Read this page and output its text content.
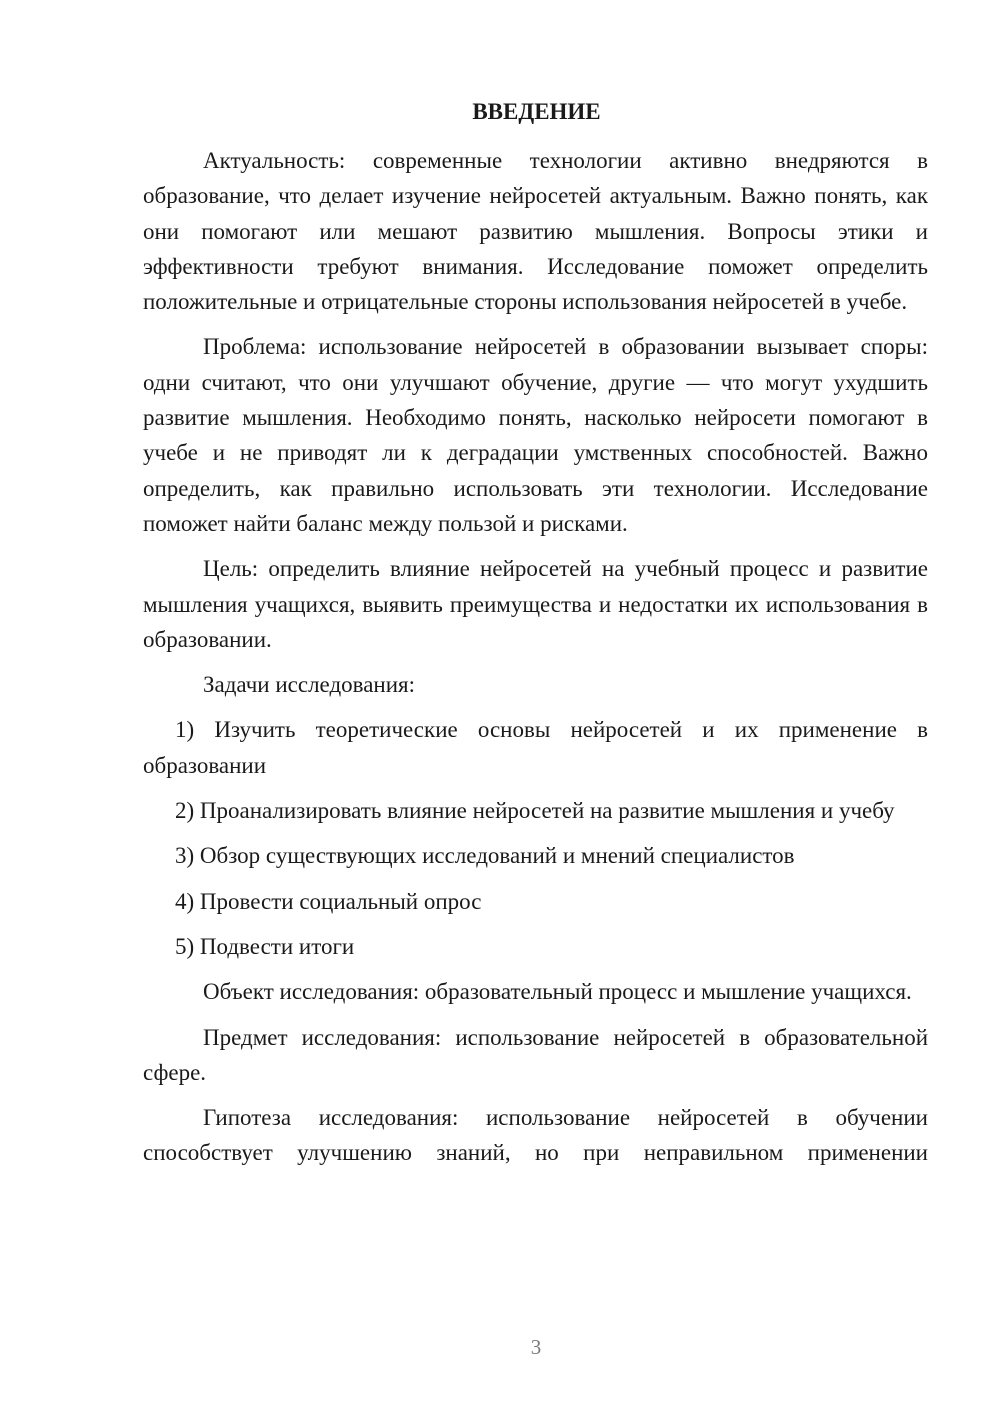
ВВЕДЕНИЕ

Актуальность: современные технологии активно внедряются в образование, что делает изучение нейросетей актуальным. Важно понять, как они помогают или мешают развитию мышления. Вопросы этики и эффективности требуют внимания. Исследование поможет определить положительные и отрицательные стороны использования нейросетей в учебе.

Проблема: использование нейросетей в образовании вызывает споры: одни считают, что они улучшают обучение, другие — что могут ухудшить развитие мышления. Необходимо понять, насколько нейросети помогают в учебе и не приводят ли к деградации умственных способностей. Важно определить, как правильно использовать эти технологии. Исследование поможет найти баланс между пользой и рисками.

Цель: определить влияние нейросетей на учебный процесс и развитие мышления учащихся, выявить преимущества и недостатки их использования в образовании.

Задачи исследования:

1) Изучить теоретические основы нейросетей и их применение в образовании

2) Проанализировать влияние нейросетей на развитие мышления и учебу

3) Обзор существующих исследований и мнений специалистов

4) Провести социальный опрос

5) Подвести итоги

Объект исследования: образовательный процесс и мышление учащихся.

Предмет исследования: использование нейросетей в образовательной сфере.

Гипотеза исследования: использование нейросетей в обучении способствует улучшению знаний, но при неправильном применении

3
